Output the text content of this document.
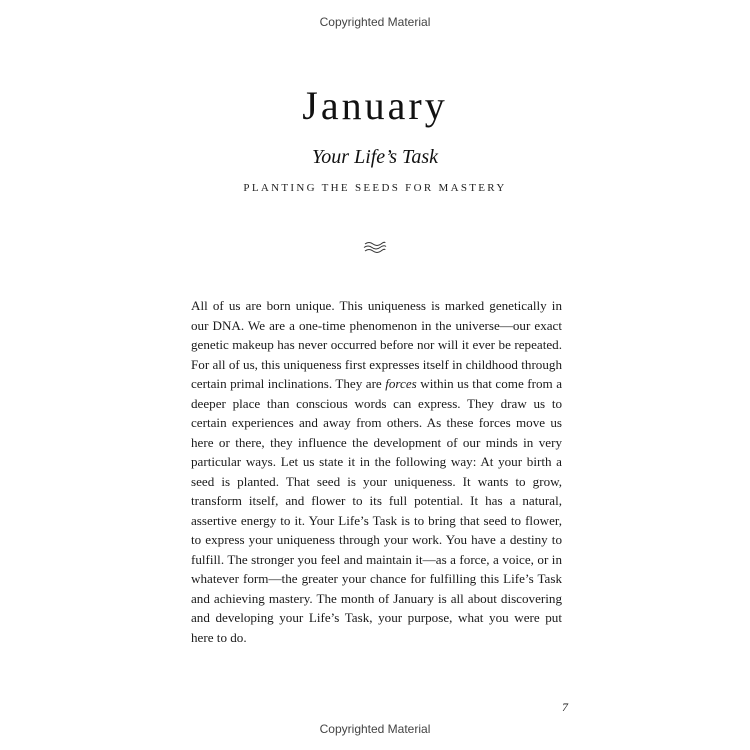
Copyrighted Material
January
Your Life’s Task
PLANTING THE SEEDS FOR MASTERY

All of us are born unique. This uniqueness is marked genetically in our DNA. We are a one-time phenomenon in the universe—our exact genetic makeup has never occurred before nor will it ever be repeated. For all of us, this uniqueness first expresses itself in childhood through certain primal inclinations. They are forces within us that come from a deeper place than conscious words can express. They draw us to certain experiences and away from others. As these forces move us here or there, they influence the development of our minds in very particular ways. Let us state it in the following way: At your birth a seed is planted. That seed is your uniqueness. It wants to grow, transform itself, and flower to its full potential. It has a natural, assertive energy to it. Your Life’s Task is to bring that seed to flower, to express your uniqueness through your work. You have a destiny to fulfill. The stronger you feel and maintain it—as a force, a voice, or in whatever form—the greater your chance for fulfilling this Life’s Task and achieving mastery. The month of January is all about discovering and developing your Life’s Task, your purpose, what you were put here to do.

7
Copyrighted Material
